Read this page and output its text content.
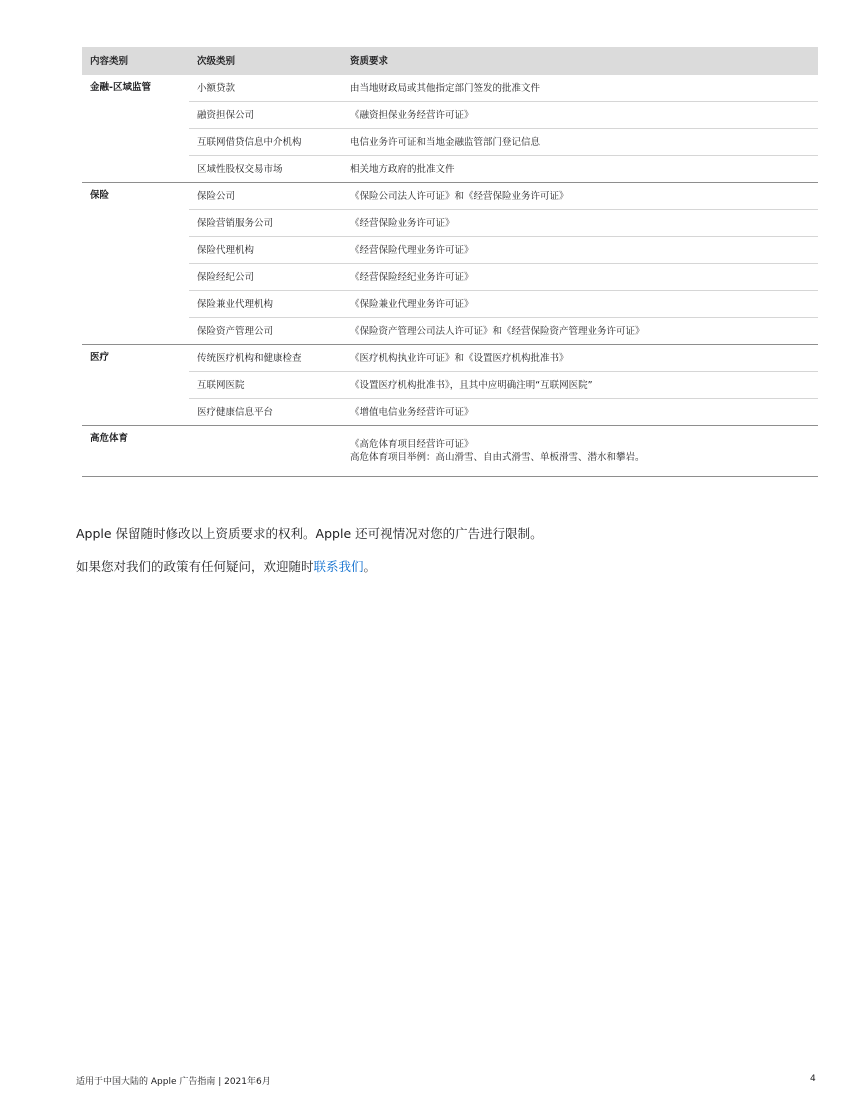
内容类别	次级类别	资质要求
金融-区域监管	小额贷款	由当地财政局或其他指定部门签发的批准文件
	融资担保公司	《融资担保业务经营许可证》
	互联网借贷信息中介机构	电信业务许可证和当地金融监管部门登记信息
	区域性股权交易市场	相关地方政府的批准文件
保险	保险公司	《保险公司法人许可证》和《经营保险业务许可证》
	保险营销服务公司	《经营保险业务许可证》
	保险代理机构	《经营保险代理业务许可证》
	保险经纪公司	《经营保险经纪业务许可证》
	保险兼业代理机构	《保险兼业代理业务许可证》
	保险资产管理公司	《保险资产管理公司法人许可证》和《经营保险资产管理业务许可证》
医疗	传统医疗机构和健康检查	《医疗机构执业许可证》和《设置医疗机构批准书》
	互联网医院	《设置医疗机构批准书》，且其中应明确注明“互联网医院”
	医疗健康信息平台	《增值电信业务经营许可证》
高危体育		《高危体育项目经营许可证》
高危体育项目举例：高山滑雪、自由式滑雪、单板滑雪、潜水和攀岩。
Apple 保留随时修改以上资质要求的权利。Apple 还可视情况对您的广告进行限制。
如果您对我们的政策有任何疑问，欢迎随时联系我们。
适用于中国大陆的 Apple 广告指南 | 2021年6月	4
